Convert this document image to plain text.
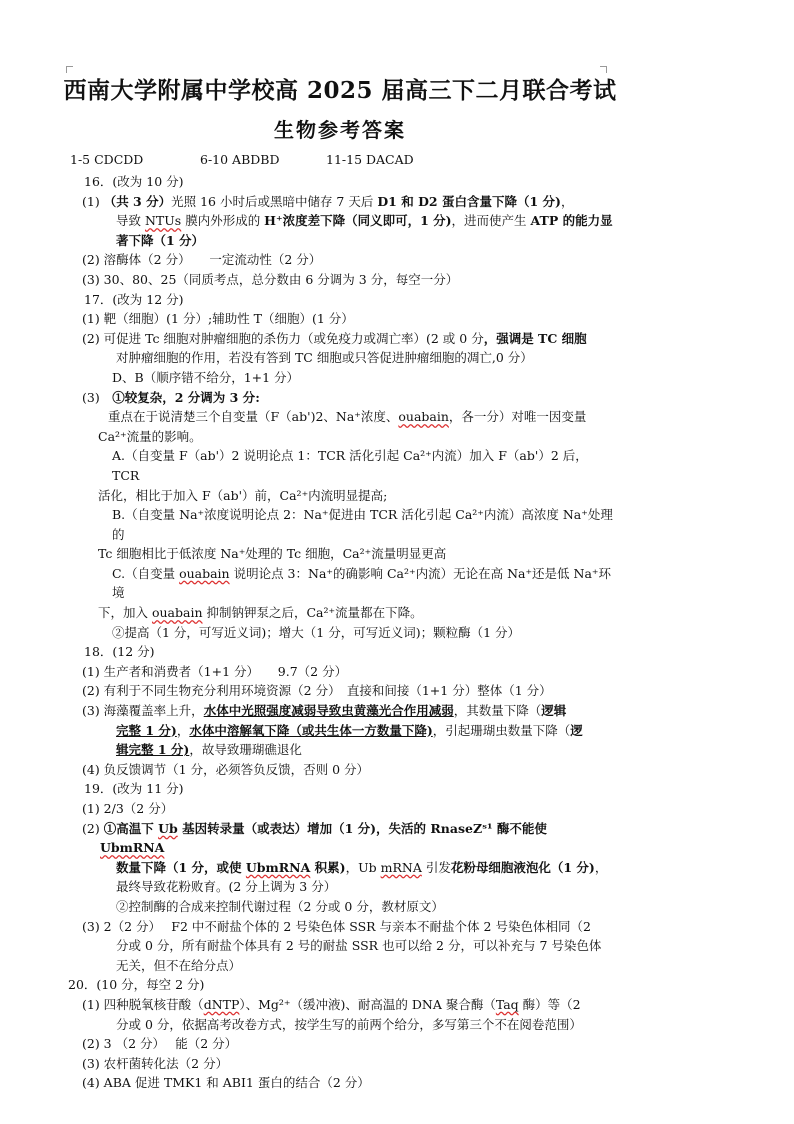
西南大学附属中学校高 2025 届高三下二月联合考试
生物参考答案
1-5 CDCDD	6-10 ABDBD	11-15 DACAD

16．(改为 10 分)

(1) （共 3 分）光照 16 小时后或黑暗中储存 7 天后 D1 和 D2 蛋白含量下降（1 分)，

导致 NTUs 膜内外形成的 H⁺浓度差下降（同义即可，1 分)，进而使产生 ATP 的能力显著下降（1 分）

(2) 溶酶体（2 分）　　一定流动性（2 分）

(3) 30、80、25（同质考点，总分数由 6 分调为 3 分，每空一分）

17．(改为 12 分)

(1) 靶（细胞）(1 分）;辅助性 T（细胞）(1 分）

(2) 可促进 Tc 细胞对肿瘤细胞的杀伤力（或免疫力或凋亡率）(2 或 0 分，强调是 TC 细胞

对肿瘤细胞的作用，若没有答到 TC 细胞或只答促进肿瘤细胞的凋亡,0 分）

D、B（顺序错不给分，1+1 分）

(3)　 ①较复杂，2 分调为 3 分:

重点在于说清楚三个自变量（F（ab')2、Na⁺浓度、ouabain，各一分）对唯一因变量

Ca²⁺流量的影响。

A.（自变量 F（ab'）2 说明论点 1：TCR 活化引起 Ca²⁺内流）加入 F（ab'）2 后，TCR

活化，相比于加入 F（ab'）前，Ca²⁺内流明显提高;

B.（自变量 Na⁺浓度说明论点 2：Na⁺促进由 TCR 活化引起 Ca²⁺内流）高浓度 Na⁺处理的

Tc 细胞相比于低浓度 Na⁺处理的 Tc 细胞，Ca²⁺流量明显更高

C.（自变量 ouabain 说明论点 3：Na⁺的确影响 Ca²⁺内流）无论在高 Na⁺还是低 Na⁺环境

下，加入 ouabain 抑制钠钾泵之后，Ca²⁺流量都在下降。

②提高（1 分，可写近义词)；增大（1 分，可写近义词)；颗粒酶（1 分）

18．(12 分)

(1) 生产者和消费者（1+1 分）　　9.7（2 分）

(2) 有利于不同生物充分利用环境资源（2 分）　直接和间接（1+1 分）整体（1 分）

(3) 海藻覆盖率上升，水体中光照强度减弱导致虫黄藻光合作用减弱，其数量下降（逻辑

完整 1 分)，水体中溶解氧下降（或共生体一方数量下降)，引起珊瑚虫数量下降（逻

辑完整 1 分)，故导致珊瑚礁退化

(4) 负反馈调节（1 分，必须答负反馈，否则 0 分）

19．(改为 11 分)

(1) 2/3（2 分）

(2) ①高温下 Ub 基因转录量（或表达）增加（1 分)，失活的 RnaseZˢ¹ 酶不能使 UbmRNA

数量下降（1 分，或使 UbmRNA 积累)，Ub mRNA 引发花粉母细胞液泡化（1 分)，

最终导致花粉败育。(2 分上调为 3 分）

②控制酶的合成来控制代谢过程（2 分或 0 分，教材原文）

(3) 2（2 分）　 F2 中不耐盐个体的 2 号染色体 SSR 与亲本不耐盐个体 2 号染色体相同（2

分或 0 分，所有耐盐个体具有 2 号的耐盐 SSR 也可以给 2 分，可以补充与 7 号染色体

无关，但不在给分点）

20．(10 分，每空 2 分)

(1) 四种脱氧核苷酸（dNTP）、Mg²⁺（缓冲液)、耐高温的 DNA 聚合酶（Taq 酶）等（2

分或 0 分，依据高考改卷方式，按学生写的前两个给分，多写第三个不在阅卷范围）

(2) 3 （2 分）　 能（2 分）

(3) 农杆菌转化法（2 分）

(4) ABA 促进 TMK1 和 ABI1 蛋白的结合（2 分）
